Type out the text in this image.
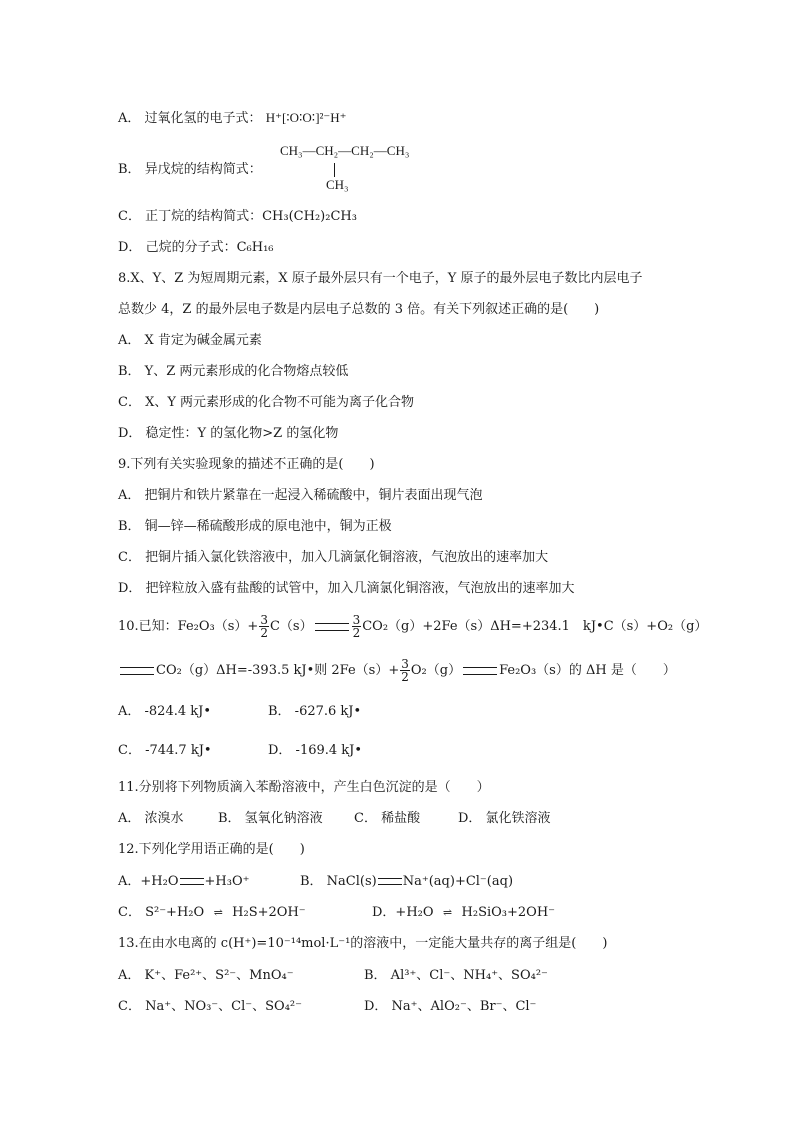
A． 过氧化氢的电子式： H⁺[∶O∶O∶]²⁻H⁺
B． 异戊烷的结构简式：
CH₃—CH₂—CH₂—CH₃
CH₃
C． 正丁烷的结构简式：CH₃(CH₂)₂CH₃
D． 己烷的分子式：C₆H₁₆
8.X、Y、Z 为短周期元素，X 原子最外层只有一个电子，Y 原子的最外层电子数比内层电子
总数少 4，Z 的最外层电子数是内层电子总数的 3 倍。有关下列叙述正确的是(　　)
A． X 肯定为碱金属元素
B． Y、Z 两元素形成的化合物熔点较低
C． X、Y 两元素形成的化合物不可能为离子化合物
D． 稳定性：Y 的氢化物>Z 的氢化物
9.下列有关实验现象的描述不正确的是(　　)
A． 把铜片和铁片紧靠在一起浸入稀硫酸中，铜片表面出现气泡
B． 铜—锌—稀硫酸形成的原电池中，铜为正极
C． 把铜片插入氯化铁溶液中，加入几滴氯化铜溶液，气泡放出的速率加大
D． 把锌粒放入盛有盐酸的试管中，加入几滴氯化铜溶液，气泡放出的速率加大
10.已知：$Fe_2O_3(s)+ \frac{3}{2} C(s)$	$\frac{3}{2} CO_2(g)+2Fe(s)\Delta H=+234.1$　kJ•C（s）+O₂（g）
CO₂（g）ΔH=-393.5 kJ•则 $2Fe(s)+ \frac{3}{2} O_2(g)$	Fe₂O₃（s）的 ΔH 是（　　）
A． -824.4 kJ•	B． -627.6 kJ•
C． -744.7 kJ•	D． -169.4 kJ•
11.分别将下列物质滴入苯酚溶液中，产生白色沉淀的是（　　）
A． 浓溴水	B． 氢氧化钠溶液 C． 稀盐酸	D． 氯化铁溶液
12.下列化学用语正确的是(　　)
A．+H₂O +H₃O⁺	B． NaCl(s) Na⁺(aq)+Cl⁻(aq)
C． S²⁻+H₂O ⇌ H₂S+2OH⁻	D．+H₂O ⇌ H₂SiO₃+2OH⁻
13.在由水电离的 c(H⁺)=10⁻¹⁴mol·L⁻¹的溶液中，一定能大量共存的离子组是(　　)
A． K⁺、Fe²⁺、S²⁻、MnO₄⁻	B． Al³⁺、Cl⁻、NH₄⁺、SO₄²⁻
C． Na⁺、NO₃⁻、Cl⁻、SO₄²⁻	D． Na⁺、AlO₂⁻、Br⁻、Cl⁻
